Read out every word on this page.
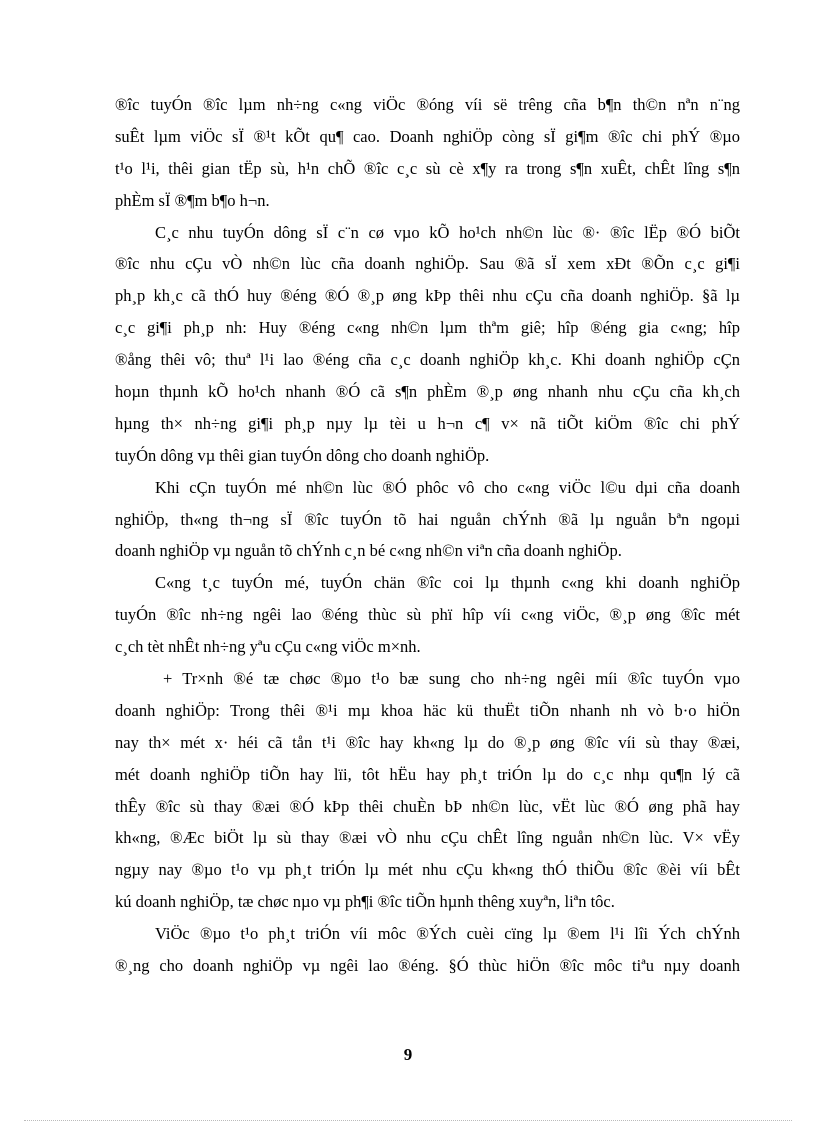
®îc tuyÓn ®îc lµm nh÷ng c«ng viÖc ®óng víi së trêng cña b¶n th©n nªn n¨ng
suÊt lµm viÖc sÏ ®¹t kÕt qu¶ cao. Doanh nghiÖp còng sÏ gi¶m ®îc chi phÝ ®µo
t¹o l¹i, thêi gian tËp sù, h¹n chÕ ®îc c¸c sù cè x¶y ra trong s¶n xuÊt, chÊt lîng s¶n
phÈm sÏ ®¶m b¶o h¬n.
C¸c nhu tuyÓn dông sÏ c¨n cø vµo kÕ ho¹ch nh©n lùc ®· ®îc lËp ®Ó biÕt
®îc nhu cÇu vÒ nh©n lùc cña doanh nghiÖp. Sau ®ã sÏ xem xÐt ®Õn c¸c gi¶i
ph¸p kh¸c cã thÓ huy ®éng ®Ó ®¸p øng kÞp thêi nhu cÇu cña doanh nghiÖp. §ã lµ
c¸c gi¶i ph¸p nh: Huy ®éng c«ng nh©n lµm thªm giê; hîp ®éng gia c«ng; hîp
®ång thêi vô; thuª l¹i lao ®éng cña c¸c doanh nghiÖp kh¸c. Khi doanh nghiÖp cÇn
hoµn thµnh kÕ ho¹ch nhanh ®Ó cã s¶n phÈm ®¸p øng nhanh nhu cÇu cña kh¸ch
hµng th× nh÷ng gi¶i ph¸p nµy lµ tèi u h¬n c¶ v× nã tiÕt kiÖm ®îc chi phÝ
tuyÓn dông vµ thêi gian tuyÓn dông cho doanh nghiÖp.
Khi cÇn tuyÓn mé nh©n lùc ®Ó phôc vô cho c«ng viÖc l©u dµi cña doanh
nghiÖp, th«ng th¬ng sÏ ®îc tuyÓn tõ hai nguån chÝnh ®ã lµ nguån bªn ngoµi
doanh nghiÖp vµ nguån tõ chÝnh c¸n bé c«ng nh©n viªn cña doanh nghiÖp.
C«ng t¸c tuyÓn mé, tuyÓn chän ®îc coi lµ thµnh c«ng khi doanh nghiÖp
tuyÓn ®îc nh÷ng ngêi lao ®éng thùc sù phï hîp víi c«ng viÖc, ®¸p øng ®îc mét
c¸ch tèt nhÊt nh÷ng yªu cÇu c«ng viÖc m×nh.
+ Tr×nh ®é tæ chøc ®µo t¹o bæ sung cho nh÷ng ngêi míi ®îc tuyÓn vµo
doanh nghiÖp: Trong thêi ®¹i mµ khoa häc kü thuËt tiÕn nhanh nh vò b·o hiÖn
nay th× mét x· héi cã tån t¹i ®îc hay kh«ng lµ do ®¸p øng ®îc víi sù thay ®æi,
mét doanh nghiÖp tiÕn hay lïi, tôt hËu hay ph¸t triÓn lµ do c¸c nhµ qu¶n lý cã
thÊy ®îc sù thay ®æi ®Ó kÞp thêi chuÈn bÞ nh©n lùc, vËt lùc ®Ó øng phã hay
kh«ng, ®Æc biÖt lµ sù thay ®æi vÒ nhu cÇu chÊt lîng nguån nh©n lùc. V× vËy
ngµy nay ®µo t¹o vµ ph¸t triÓn lµ mét nhu cÇu kh«ng thÓ thiÕu ®îc ®èi víi bÊt
kú doanh nghiÖp, tæ chøc nµo vµ ph¶i ®îc tiÕn hµnh thêng xuyªn, liªn tôc.
ViÖc ®µo t¹o ph¸t triÓn víi môc ®Ých cuèi cïng lµ ®em l¹i lîi Ých chÝnh
®¸ng cho doanh nghiÖp vµ ngêi lao ®éng. §Ó thùc hiÖn ®îc môc tiªu nµy doanh
9
